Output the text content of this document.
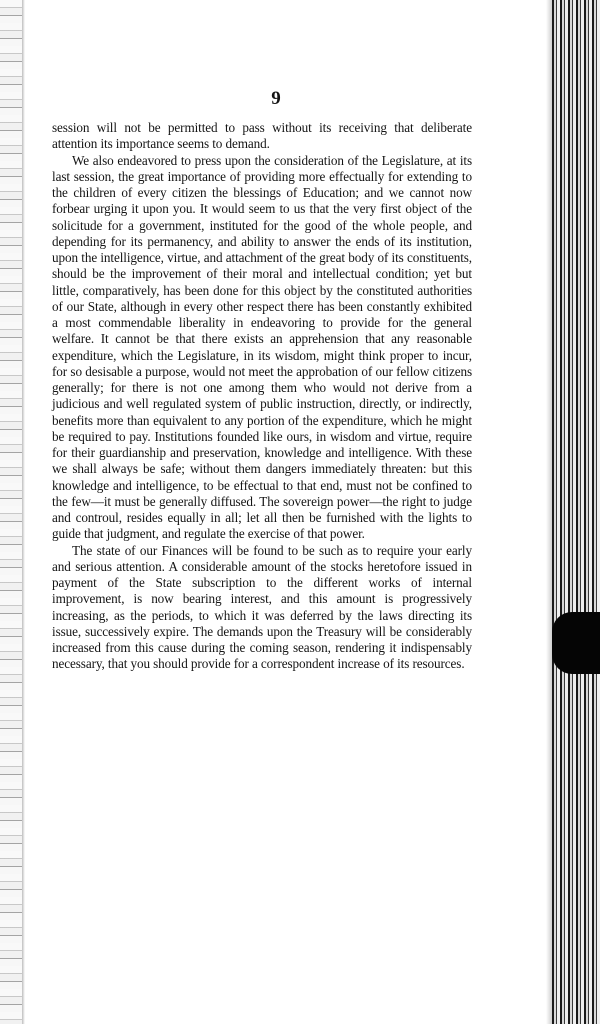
9

session will not be permitted to pass without its receiving that deliberate attention its importance seems to demand.

We also endeavored to press upon the consideration of the Legislature, at its last session, the great importance of providing more effectually for extending to the children of every citizen the blessings of Education; and we cannot now forbear urging it upon you. It would seem to us that the very first object of the solicitude for a government, instituted for the good of the whole people, and depending for its permanency, and ability to answer the ends of its institution, upon the intelligence, virtue, and attachment of the great body of its constituents, should be the improvement of their moral and intellectual condition; yet but little, comparatively, has been done for this object by the constituted authorities of our State, although in every other respect there has been constantly exhibited a most commendable liberality in endeavoring to provide for the general welfare. It cannot be that there exists an apprehension that any reasonable expenditure, which the Legislature, in its wisdom, might think proper to incur, for so desisable a purpose, would not meet the approbation of our fellow citizens generally; for there is not one among them who would not derive from a judicious and well regulated system of public instruction, directly, or indirectly, benefits more than equivalent to any portion of the expenditure, which he might be required to pay. Institutions founded like ours, in wisdom and virtue, require for their guardianship and preservation, knowledge and intelligence. With these we shall always be safe; without them dangers immediately threaten: but this knowledge and intelligence, to be effectual to that end, must not be confined to the few—it must be generally diffused. The sovereign power—the right to judge and controul, resides equally in all; let all then be furnished with the lights to guide that judgment, and regulate the exercise of that power.

The state of our Finances will be found to be such as to require your early and serious attention. A considerable amount of the stocks heretofore issued in payment of the State subscription to the different works of internal improvement, is now bearing interest, and this amount is progressively increasing, as the periods, to which it was deferred by the laws directing its issue, successively expire. The demands upon the Treasury will be considerably increased from this cause during the coming season, rendering it indispensably necessary, that you should provide for a correspondent increase of its resources.
